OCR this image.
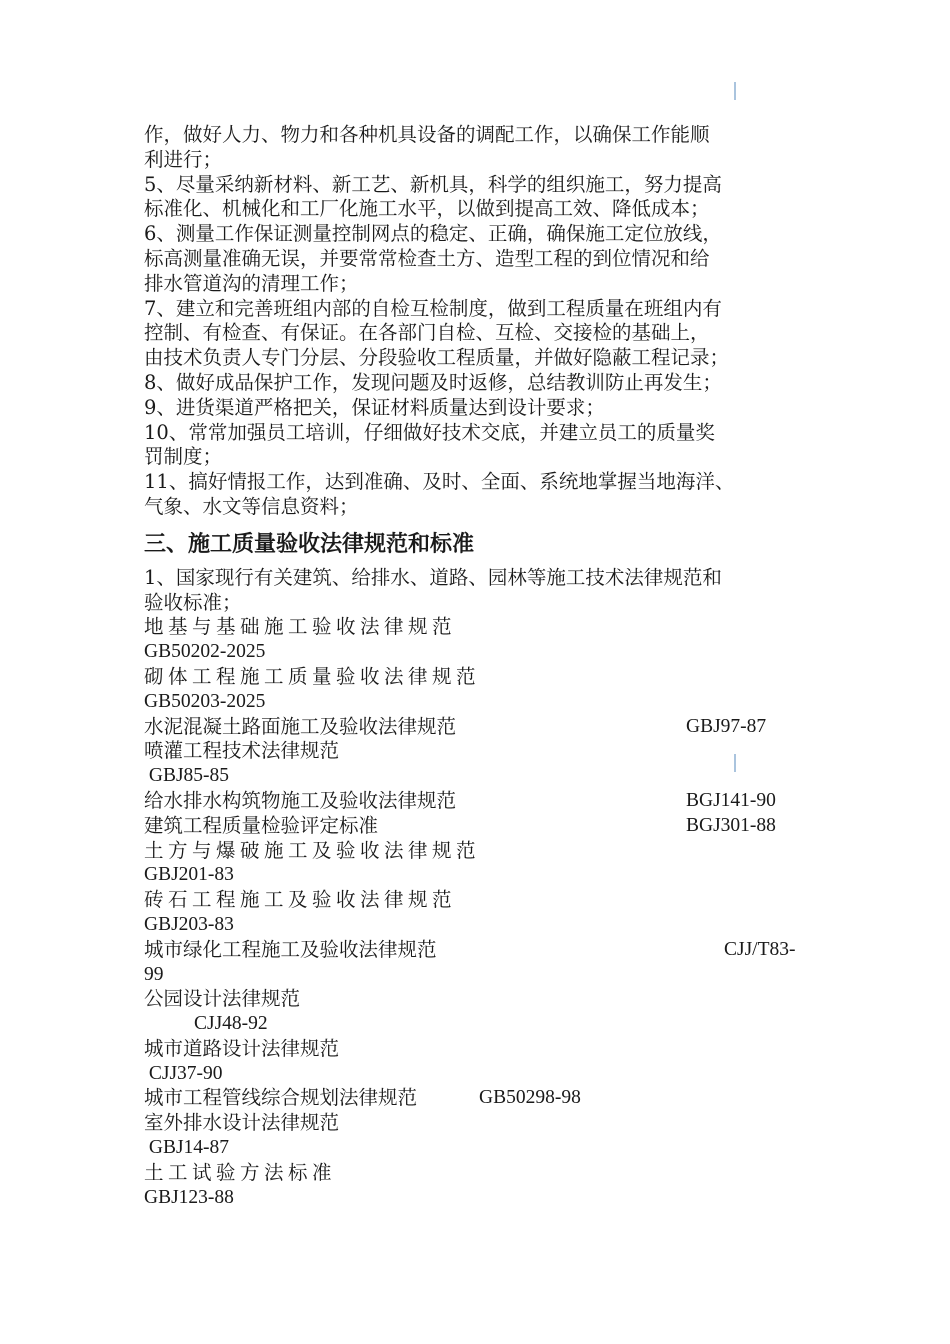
作，做好人力、物力和各种机具设备的调配工作，以确保工作能顺
利进行；
5、尽量采纳新材料、新工艺、新机具，科学的组织施工，努力提高
标准化、机械化和工厂化施工水平，以做到提高工效、降低成本；
6、测量工作保证测量控制网点的稳定、正确，确保施工定位放线，
标高测量准确无误，并要常常检查土方、造型工程的到位情况和给
排水管道沟的清理工作；
7、建立和完善班组内部的自检互检制度，做到工程质量在班组内有
控制、有检查、有保证。在各部门自检、互检、交接检的基础上，
由技术负责人专门分层、分段验收工程质量，并做好隐蔽工程记录；
8、做好成品保护工作，发现问题及时返修，总结教训防止再发生；
9、进货渠道严格把关，保证材料质量达到设计要求；
10、常常加强员工培训，仔细做好技术交底，并建立员工的质量奖
罚制度；
11、搞好情报工作，达到准确、及时、全面、系统地掌握当地海洋、
气象、水文等信息资料；
三、施工质量验收法律规范和标准
1、国家现行有关建筑、给排水、道路、园林等施工技术法律规范和
验收标准；
地基与基础施工验收法律规范
GB50202-2025
砌体工程施工质量验收法律规范
GB50203-2025
水泥混凝土路面施工及验收法律规范	GBJ97-87
喷灌工程技术法律规范
GBJ85-85
给水排水构筑物施工及验收法律规范	BGJ141-90
建筑工程质量检验评定标准	BGJ301-88
土方与爆破施工及验收法律规范
GBJ201-83
砖石工程施工及验收法律规范
GBJ203-83
城市绿化工程施工及验收法律规范	CJJ/T83-
99
公园设计法律规范
CJJ48-92
城市道路设计法律规范
CJJ37-90
城市工程管线综合规划法律规范	GB50298-98
室外排水设计法律规范
GBJ14-87
土工试验方法标准
GBJ123-88
